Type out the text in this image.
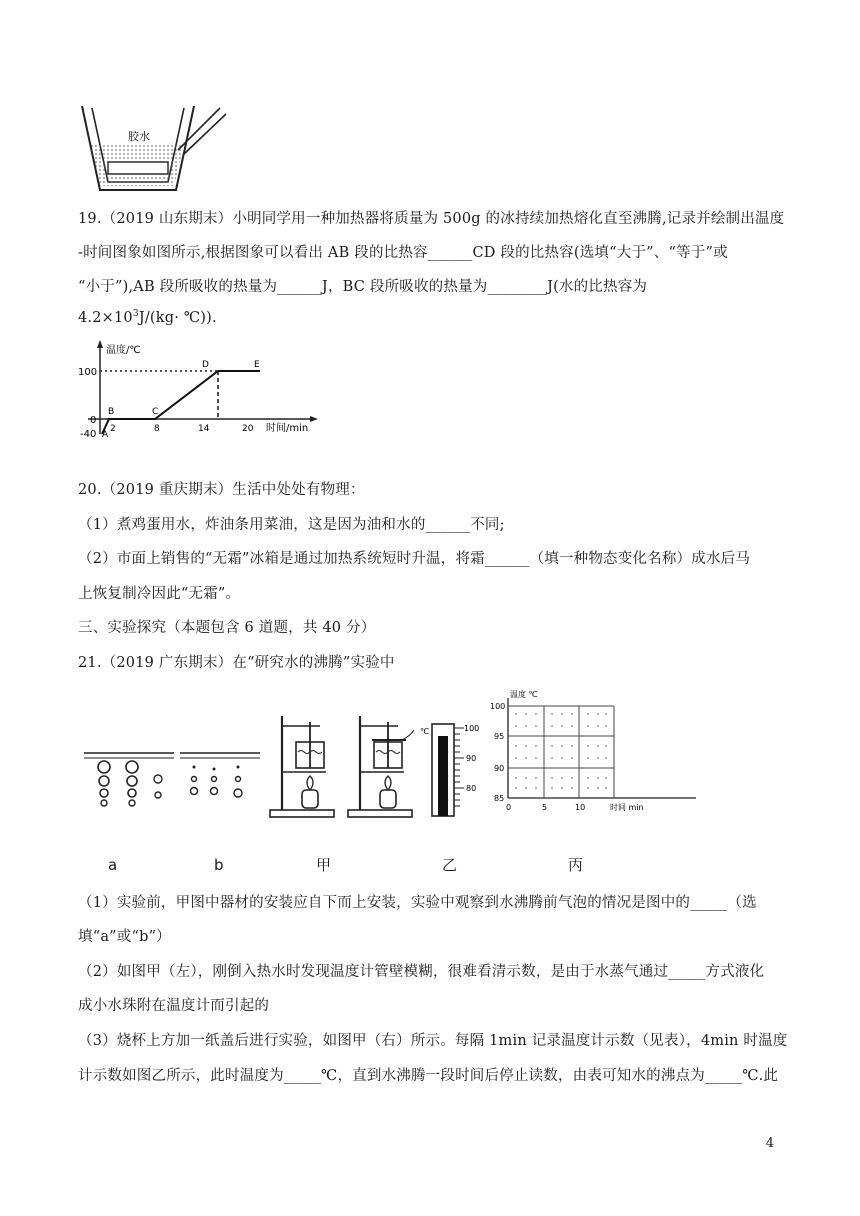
胶水
19.（2019 山东期末）小明同学用一种加热器将质量为 500g 的冰持续加热熔化直至沸腾,记录并绘制出温度
-时间图象如图所示,根据图象可以看出 AB 段的比热容______CD 段的比热容(选填“大于”、“等于”或
“小于”),AB 段所吸收的热量为______J，BC 段所吸收的热量为________J(水的比热容为
$4.2\times 10^3J/(kg\cdot$ ℃)).
温度/℃
100
0
-40 A
B	C
D	E
2	8	14	20 时间/min
20.（2019 重庆期末）生活中处处有物理：
（1）煮鸡蛋用水，炸油条用菜油，这是因为油和水的______不同;
（2）市面上销售的“无霜”冰箱是通过加热系统短时升温，将霜______（填一种物态变化名称）成水后马
上恢复制冷因此“无霜”。
三、实验探究（本题包含 6 道题，共 40 分）
21.（2019 广东期末）在“研究水的沸腾”实验中
℃	100
90
80
温度 ℃
100
95
90
85
0	5	10	时间 min
a	b	甲	乙	丙
（1）实验前，甲图中器材的安装应自下而上安装，实验中观察到水沸腾前气泡的情况是图中的_____（选
填“a”或“b”）
（2）如图甲（左），刚倒入热水时发现温度计管壁模糊，很难看清示数，是由于水蒸气通过_____方式液化
成小水珠附在温度计而引起的
（3）烧杯上方加一纸盖后进行实验，如图甲（右）所示。每隔 1min 记录温度计示数（见表），4min 时温度
计示数如图乙所示，此时温度为_____℃，直到水沸腾一段时间后停止读数，由表可知水的沸点为_____℃.此
4
